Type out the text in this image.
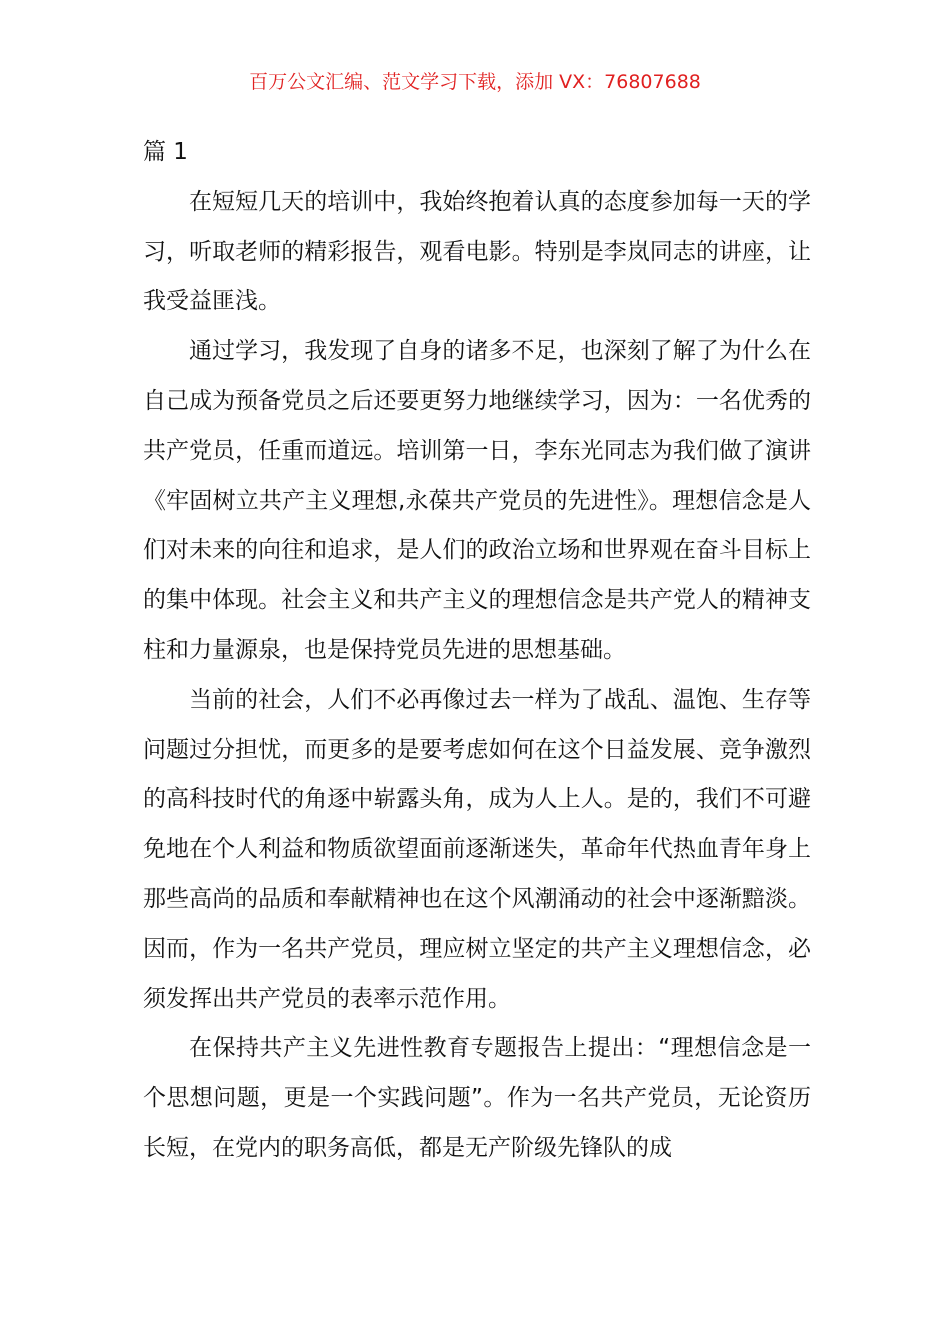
百万公文汇编、范文学习下载，添加 VX：76807688

篇 1

在短短几天的培训中，我始终抱着认真的态度参加每一天的学习，听取老师的精彩报告，观看电影。特别是李岚同志的讲座，让我受益匪浅。

通过学习，我发现了自身的诸多不足，也深刻了解了为什么在自己成为预备党员之后还要更努力地继续学习，因为：一名优秀的共产党员，任重而道远。培训第一日，李东光同志为我们做了演讲《牢固树立共产主义理想,永葆共产党员的先进性》。理想信念是人们对未来的向往和追求，是人们的政治立场和世界观在奋斗目标上的集中体现。社会主义和共产主义的理想信念是共产党人的精神支柱和力量源泉，也是保持党员先进的思想基础。

当前的社会，人们不必再像过去一样为了战乱、温饱、生存等问题过分担忧，而更多的是要考虑如何在这个日益发展、竞争激烈的高科技时代的角逐中崭露头角，成为人上人。是的，我们不可避免地在个人利益和物质欲望面前逐渐迷失，革命年代热血青年身上那些高尚的品质和奉献精神也在这个风潮涌动的社会中逐渐黯淡。因而，作为一名共产党员，理应树立坚定的共产主义理想信念，必须发挥出共产党员的表率示范作用。

在保持共产主义先进性教育专题报告上提出：“理想信念是一个思想问题，更是一个实践问题”。作为一名共产党员，无论资历长短，在党内的职务高低，都是无产阶级先锋队的成
